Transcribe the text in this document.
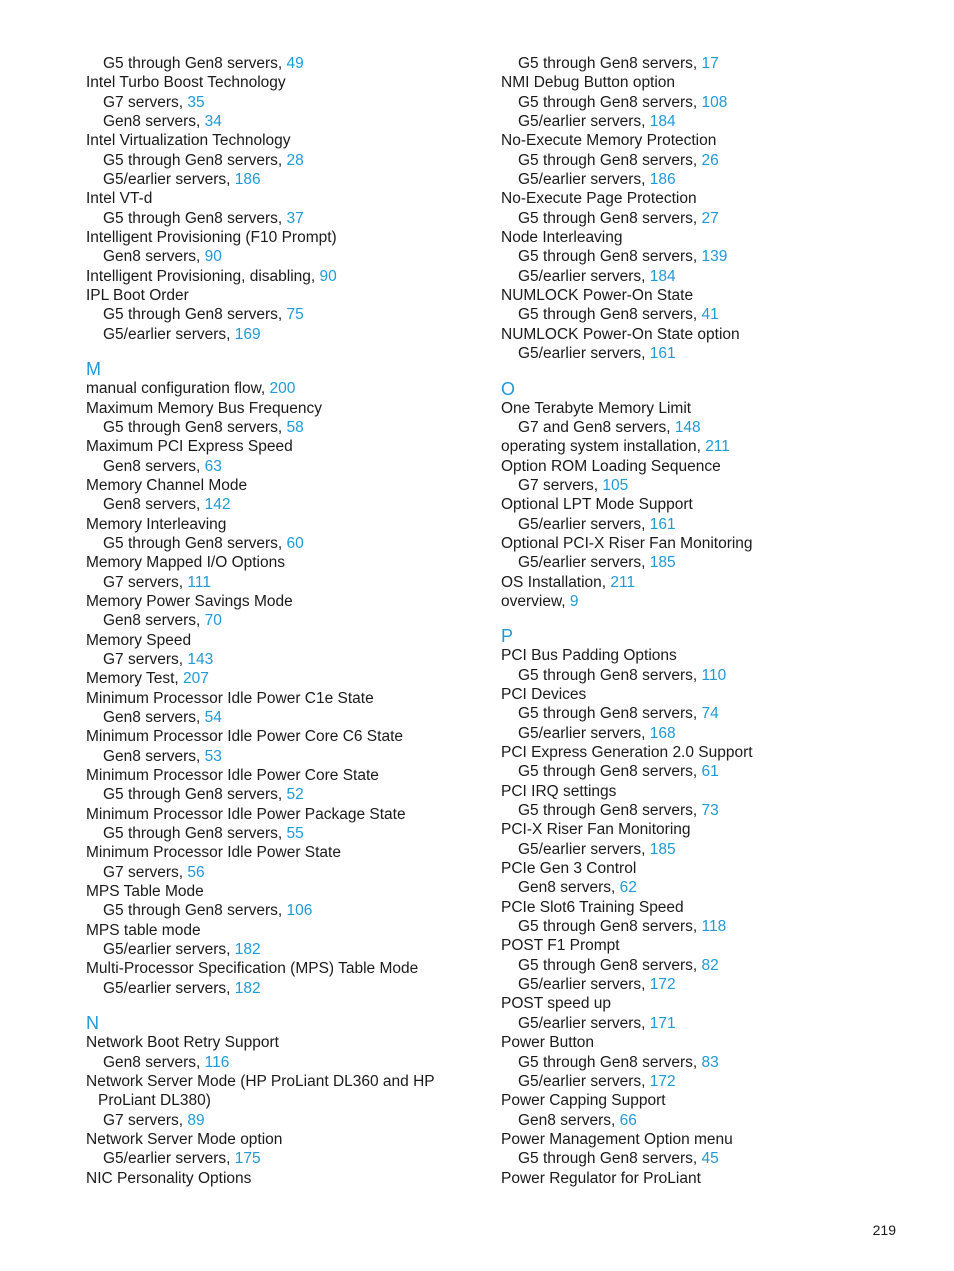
G5 through Gen8 servers, 49
Intel Turbo Boost Technology
G7 servers, 35
Gen8 servers, 34
Intel Virtualization Technology
G5 through Gen8 servers, 28
G5/earlier servers, 186
Intel VT-d
G5 through Gen8 servers, 37
Intelligent Provisioning (F10 Prompt)
Gen8 servers, 90
Intelligent Provisioning, disabling, 90
IPL Boot Order
G5 through Gen8 servers, 75
G5/earlier servers, 169
M
manual configuration flow, 200
Maximum Memory Bus Frequency
G5 through Gen8 servers, 58
Maximum PCI Express Speed
Gen8 servers, 63
Memory Channel Mode
Gen8 servers, 142
Memory Interleaving
G5 through Gen8 servers, 60
Memory Mapped I/O Options
G7 servers, 111
Memory Power Savings Mode
Gen8 servers, 70
Memory Speed
G7 servers, 143
Memory Test, 207
Minimum Processor Idle Power C1e State
Gen8 servers, 54
Minimum Processor Idle Power Core C6 State
Gen8 servers, 53
Minimum Processor Idle Power Core State
G5 through Gen8 servers, 52
Minimum Processor Idle Power Package State
G5 through Gen8 servers, 55
Minimum Processor Idle Power State
G7 servers, 56
MPS Table Mode
G5 through Gen8 servers, 106
MPS table mode
G5/earlier servers, 182
Multi-Processor Specification (MPS) Table Mode
G5/earlier servers, 182
N
Network Boot Retry Support
Gen8 servers, 116
Network Server Mode (HP ProLiant DL360 and HP ProLiant DL380)
G7 servers, 89
Network Server Mode option
G5/earlier servers, 175
NIC Personality Options
G5 through Gen8 servers, 17
NMI Debug Button option
G5 through Gen8 servers, 108
G5/earlier servers, 184
No-Execute Memory Protection
G5 through Gen8 servers, 26
G5/earlier servers, 186
No-Execute Page Protection
G5 through Gen8 servers, 27
Node Interleaving
G5 through Gen8 servers, 139
G5/earlier servers, 184
NUMLOCK Power-On State
G5 through Gen8 servers, 41
NUMLOCK Power-On State option
G5/earlier servers, 161
O
One Terabyte Memory Limit
G7 and Gen8 servers, 148
operating system installation, 211
Option ROM Loading Sequence
G7 servers, 105
Optional LPT Mode Support
G5/earlier servers, 161
Optional PCI-X Riser Fan Monitoring
G5/earlier servers, 185
OS Installation, 211
overview, 9
P
PCI Bus Padding Options
G5 through Gen8 servers, 110
PCI Devices
G5 through Gen8 servers, 74
G5/earlier servers, 168
PCI Express Generation 2.0 Support
G5 through Gen8 servers, 61
PCI IRQ settings
G5 through Gen8 servers, 73
PCI-X Riser Fan Monitoring
G5/earlier servers, 185
PCIe Gen 3 Control
Gen8 servers, 62
PCIe Slot6 Training Speed
G5 through Gen8 servers, 118
POST F1 Prompt
G5 through Gen8 servers, 82
G5/earlier servers, 172
POST speed up
G5/earlier servers, 171
Power Button
G5 through Gen8 servers, 83
G5/earlier servers, 172
Power Capping Support
Gen8 servers, 66
Power Management Option menu
G5 through Gen8 servers, 45
Power Regulator for ProLiant
219
